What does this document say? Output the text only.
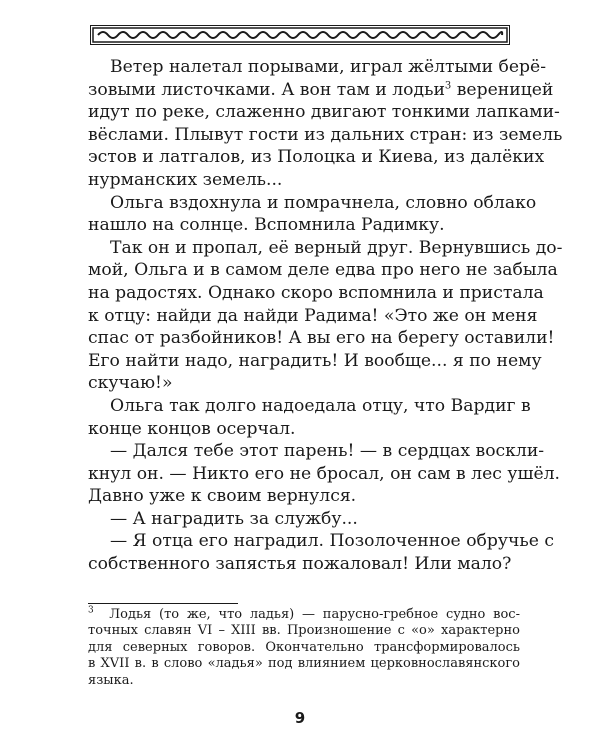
Ветер налетал порывами, играл жёлтыми берё-
зовыми листочками. А вон там и лодьи$^3$ вереницей
идут по реке, слаженно двигают тонкими лапками-
вёслами. Плывут гости из дальних стран: из земель
эстов и латгалов, из Полоцка и Киева, из далёких
нурманских земель...
Ольга вздохнула и помрачнела, словно облако
нашло на солнце. Вспомнила Радимку.
Так он и пропал, её верный друг. Вернувшись до-
мой, Ольга и в самом деле едва про него не забыла
на радостях. Однако скоро вспомнила и пристала
к отцу: найди да найди Радима! «Это же он меня
спас от разбойников! А вы его на берегу оставили!
Его найти надо, наградить! И вообще... я по нему
скучаю!»
Ольга так долго надоедала отцу, что Вардиг в
конце концов осерчал.
— Дался тебе этот парень! — в сердцах воскли-
кнул он. — Никто его не бросал, он сам в лес ушёл.
Давно уже к своим вернулся.
— А наградить за службу...
— Я отца его наградил. Позолоченное обручье с
собственного запястья пожаловал! Или мало?
$^3$ Лодья (то же, что ладья) — парусно-гребное судно вос-
точных славян VI – XIII вв. Произношение с «о» характерно
для северных говоров. Окончательно трансформировалось
в XVII в. в слово «ладья» под влиянием церковнославянского
языка.
9
